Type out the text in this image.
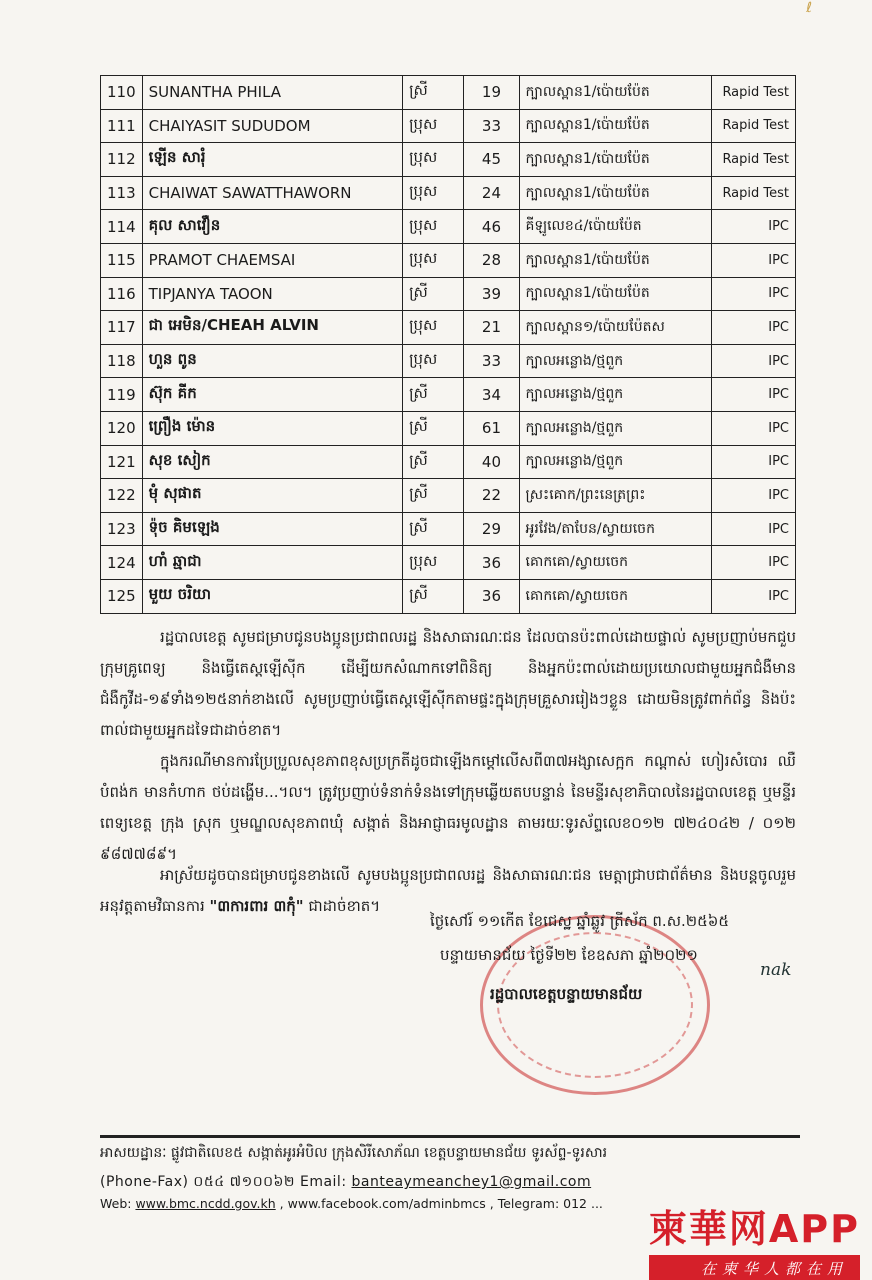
ℓ
110	SUNANTHA PHILA	ស្រី	19	ក្បាលស្ពាន1/ប៉ោយប៉ែត	Rapid Test
111	CHAIYASIT SUDUDOM	ប្រុស	33	ក្បាលស្ពាន1/ប៉ោយប៉ែត	Rapid Test
112	ឡើន សារុំ	ប្រុស	45	ក្បាលស្ពាន1/ប៉ោយប៉ែត	Rapid Test
113	CHAIWAT SAWATTHAWORN	ប្រុស	24	ក្បាលស្ពាន1/ប៉ោយប៉ែត	Rapid Test
114	គុល សាវឿន	ប្រុស	46	គីឡូលេខ៤/ប៉ោយប៉ែត	IPC
115	PRAMOT CHAEMSAI	ប្រុស	28	ក្បាលស្ពាន1/ប៉ោយប៉ែត	IPC
116	TIPJANYA TAOON	ស្រី	39	ក្បាលស្ពាន1/ប៉ោយប៉ែត	IPC
117	ជា អេមិន/CHEAH ALVIN	ប្រុស	21	ក្បាលស្ពាន១/ប៉ោយប៉ែតស	IPC
118	ហួន ពូន	ប្រុស	33	ក្បាលអន្លោង/ថ្មពួក	IPC
119	ស៊ុក គីក	ស្រី	34	ក្បាលអន្លោង/ថ្មពួក	IPC
120	ព្រឿង ម៉ោន	ស្រី	61	ក្បាលអន្លោង/ថ្មពួក	IPC
121	សុខ សៀក	ស្រី	40	ក្បាលអន្លោង/ថ្មពួក	IPC
122	មុំ សុផាត	ស្រី	22	ស្រះគោក/ព្រះនេត្រព្រះ	IPC
123	ទ៉ុច គិមឡេង	ស្រី	29	អូរវែង/តាបែន/ស្វាយចេក	IPC
124	ហាំ ឆ្មាជា	ប្រុស	36	គោកគោ/ស្វាយចេក	IPC
125	មួយ ចរិយា	ស្រី	36	គោកគោ/ស្វាយចេក	IPC
រដ្ឋបាលខេត្ត សូមជម្រាបជូនបងប្អូនប្រជាពលរដ្ឋ និងសាធារណៈជន ដែលបានប៉ះពាល់ដោយផ្ទាល់ សូមប្រញាប់មកជួបក្រុមគ្រូពេទ្យ និងធ្វើតេស្តឡើស៊ីក ដើម្បីយកសំណាកទៅពិនិត្យ និងអ្នកប៉ះពាល់ដោយប្រយោលជាមួយអ្នកជំងឺមានជំងឺកូវីដ-១៩ទាំង១២៥នាក់ខាងលើ សូមប្រញាប់ធ្វើតេស្តឡើស៊ីកតាមផ្ទះក្នុងក្រុមគ្រួសាររៀងៗខ្លួន ដោយមិនត្រូវពាក់ព័ន្ធ និងប៉ះពាល់ជាមួយអ្នកដទៃជាដាច់ខាត។
ក្នុងករណីមានការប្រែប្រួលសុខភាពខុសប្រក្រតីដូចជាឡើងកម្តៅលើសពី៣៧អង្សាសេក្អក កណ្តាស់ ហៀរសំបោរ ឈឺបំពង់ក មានកំហាក ថប់ដង្ហើម...។ល។ ត្រូវប្រញាប់ទំនាក់ទំនងទៅក្រុមឆ្លើយតបបន្ទាន់ នៃមន្ទីរសុខាភិបាលនៃរដ្ឋបាលខេត្ត ឬមន្ទីរពេទ្យខេត្ត ក្រុង ស្រុក ឬមណ្ឌលសុខភាពឃុំ សង្កាត់ និងអាជ្ញាធរមូលដ្ឋាន តាមរយៈទូរស័ព្ទលេខ០១២ ៧២៤០៤២ / ០១២ ៩៨៧៧៨៩។
អាស្រ័យដូចបានជម្រាបជូនខាងលើ សូមបងប្អូនប្រជាពលរដ្ឋ និងសាធារណៈជន មេត្តាជ្រាបជាព័ត៌មាន និងបន្តចូលរួមអនុវត្តតាមវិធានការ "៣ការពារ ៣កុំ" ជាដាច់ខាត។
ថ្ងៃសៅរ៍ ១១កើត ខែជេស្ឋ ឆ្នាំឆ្លូវ ត្រីស័ក ព.ស.២៥៦៥
បន្ទាយមានជ័យ ថ្ងៃទី២២ ខែឧសភា ឆ្នាំ២០២១
nak
រដ្ឋបាលខេត្តបន្ទាយមានជ័យ
អាសយដ្ឋានៈ ផ្លូវជាតិលេខ៥ សង្កាត់អូរអំបិល ក្រុងសិរីសោភ័ណ ខេត្តបន្ទាយមានជ័យ ទូរស័ព្ទ-ទូរសារ
(Phone-Fax) ០៥៤ ៧១០០៦២ Email: banteaymeanchey1@gmail.com
Web: www.bmc.ncdd.gov.kh , www.facebook.com/adminbmcs , Telegram: 012 ...
柬華网APP
在柬华人都在用
